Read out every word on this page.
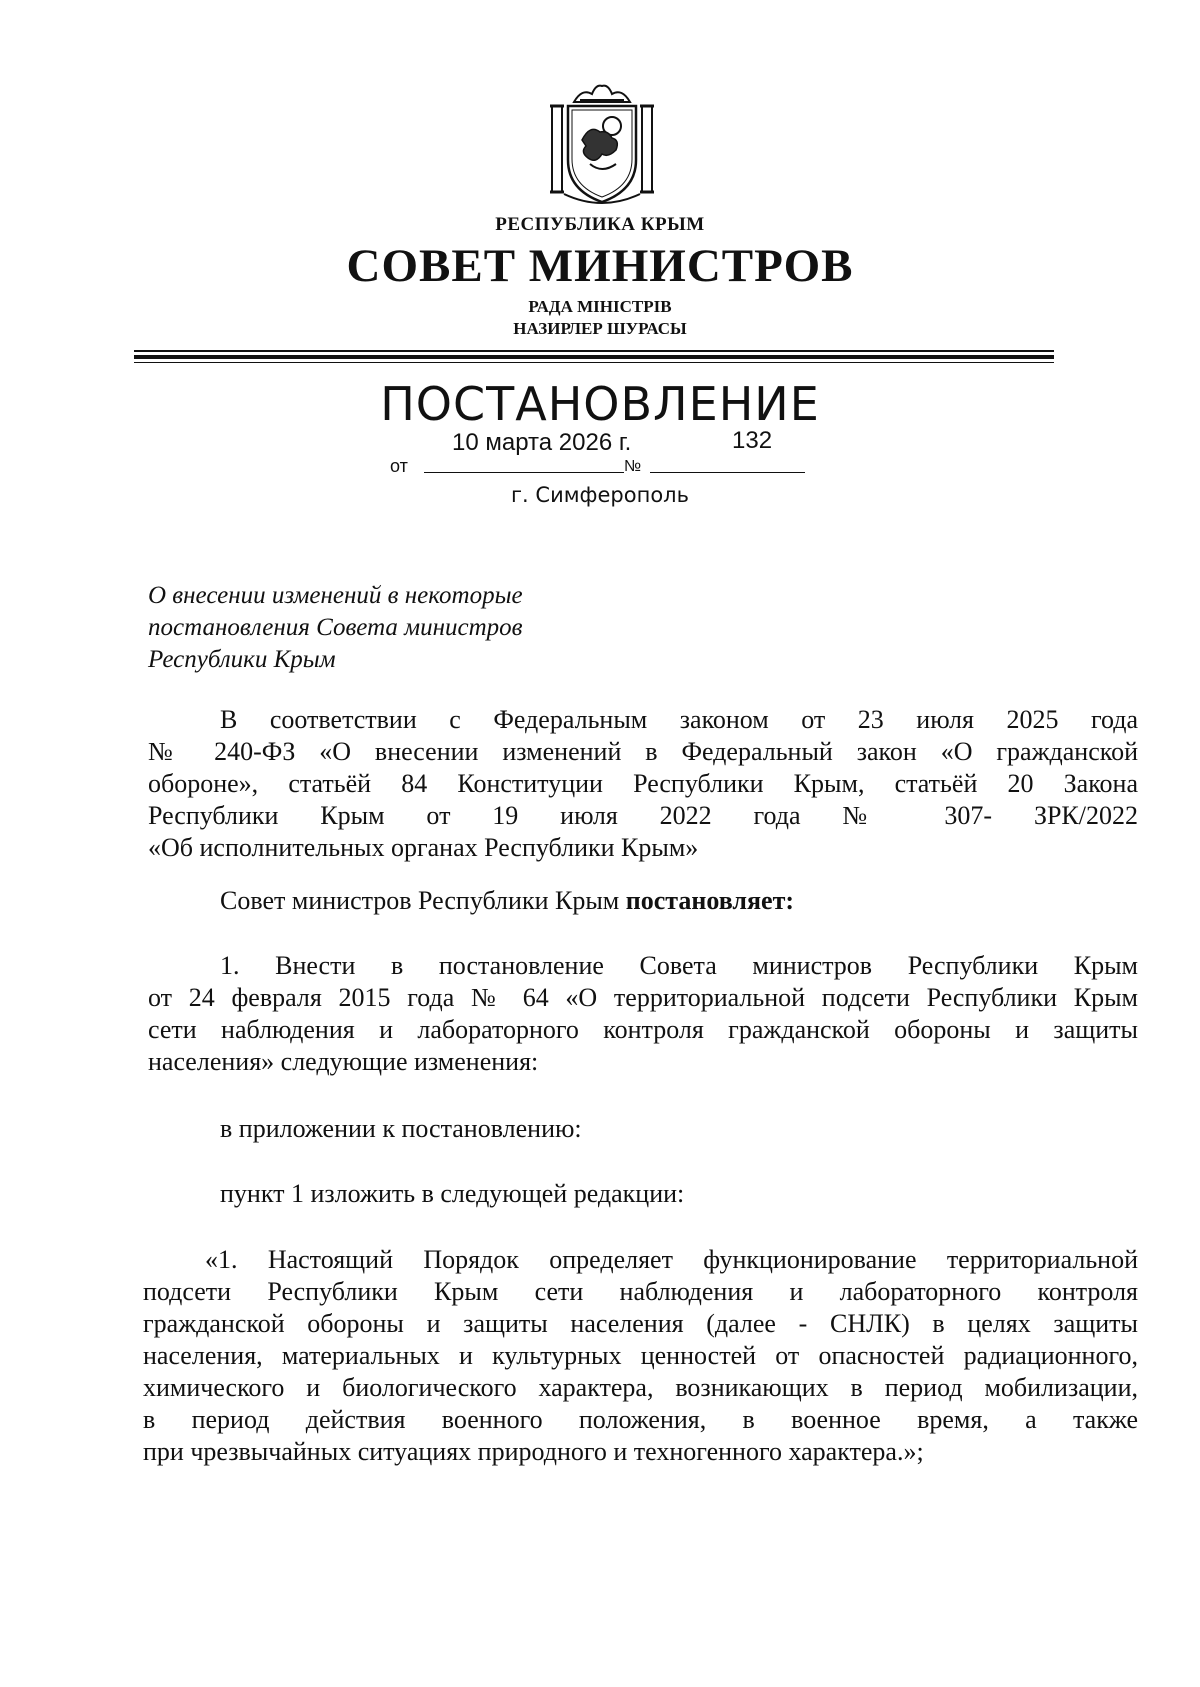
РЕСПУБЛИКА КРЫМ
СОВЕТ МИНИСТРОВ
РАДА МІНІСТРІВ
НАЗИРЛЕР ШУРАСЫ
ПОСТАНОВЛЕНИЕ
10 марта 2026 г.	132
от	№
г. Симферополь
О внесении изменений в некоторые
постановления Совета министров
Республики Крым
В соответствии с Федеральным законом от 23 июля 2025 года
№ 240-ФЗ «О внесении изменений в Федеральный закон «О гражданской
обороне», статьёй 84 Конституции Республики Крым, статьёй 20 Закона
Республики Крым от 19 июля 2022 года № 307- ЗРК/2022
«Об исполнительных органах Республики Крым»
Совет министров Республики Крым постановляет:
1. Внести в постановление Совета министров Республики Крым
от 24 февраля 2015 года № 64 «О территориальной подсети Республики Крым
сети наблюдения и лабораторного контроля гражданской обороны и защиты
населения» следующие изменения:
в приложении к постановлению:
пункт 1 изложить в следующей редакции:
«1. Настоящий Порядок определяет функционирование территориальной
подсети Республики Крым сети наблюдения и лабораторного контроля
гражданской обороны и защиты населения (далее - СНЛК) в целях защиты
населения, материальных и культурных ценностей от опасностей радиационного,
химического и биологического характера, возникающих в период мобилизации,
в период действия военного положения, в военное время, а также
при чрезвычайных ситуациях природного и техногенного характера.»;
